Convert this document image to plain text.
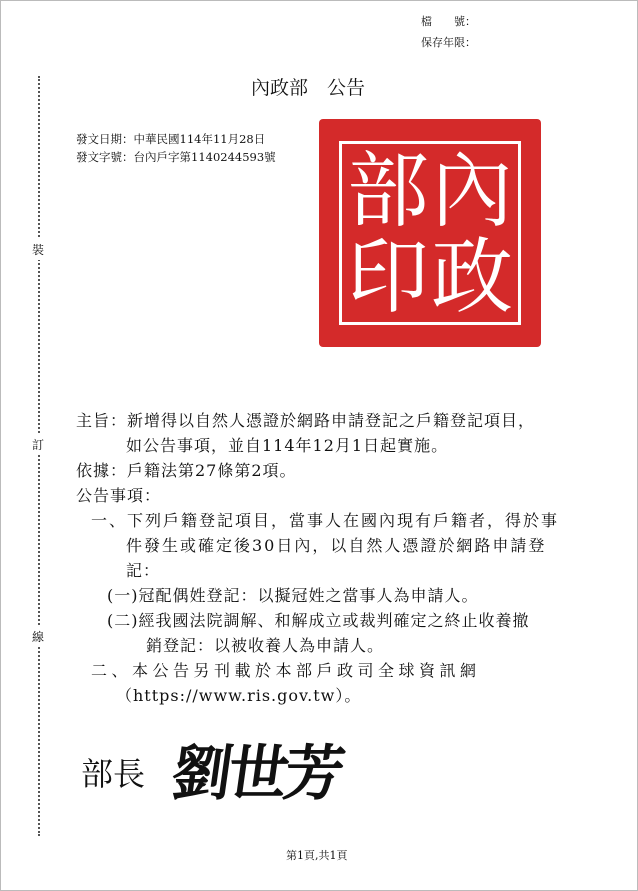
檔　　號：
保存年限：
裝
訂
線
內政部　公告
發文日期：中華民國114年11月28日
發文字號：台內戶字第1140244593號 內
政
部
印
主旨：新增得以自然人憑證於網路申請登記之戶籍登記項目，
如公告事項，並自114年12月1日起實施。
依據：戶籍法第27條第2項。
公告事項：
一、下列戶籍登記項目，當事人在國內現有戶籍者，得於事
件發生或確定後30日內，以自然人憑證於網路申請登
記：
(一)冠配偶姓登記：以擬冠姓之當事人為申請人。
(二)經我國法院調解、和解成立或裁判確定之終止收養撤
銷登記：以被收養人為申請人。
二、本公告另刊載於本部戶政司全球資訊網
（https://www.ris.gov.tw）。
部長 劉世芳
第1頁,共1頁
